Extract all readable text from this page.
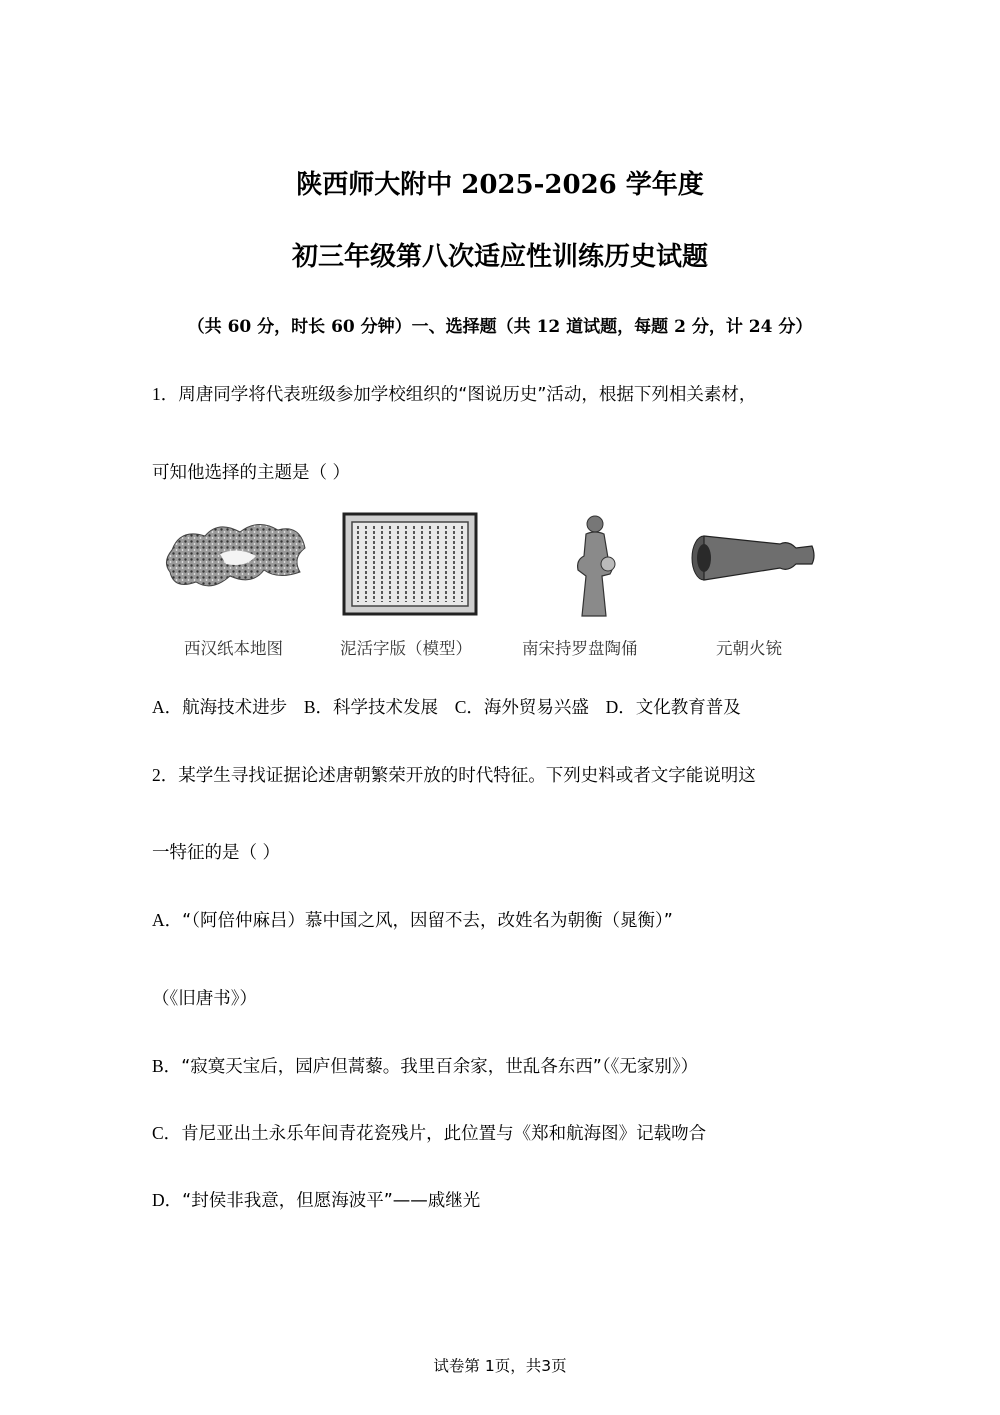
陕西师大附中 2025-2026 学年度
初三年级第八次适应性训练历史试题
（共 60 分，时长 60 分钟）一、选择题（共 12 道试题，每题 2 分，计 24 分）
1．周唐同学将代表班级参加学校组织的“图说历史”活动，根据下列相关素材，
可知他选择的主题是（ ）
西汉纸本地图	泥活字版（模型）	南宋持罗盘陶俑	元朝火铳
A．航海技术进步 B．科学技术发展 C．海外贸易兴盛 D．文化教育普及
2．某学生寻找证据论述唐朝繁荣开放的时代特征。下列史料或者文字能说明这
一特征的是（ ）
A．“（阿倍仲麻吕）慕中国之风，因留不去，改姓名为朝衡（晁衡）”
（《旧唐书》）
B．“寂寞天宝后，园庐但蒿藜。我里百余家，世乱各东西”（《无家别》）
C．肯尼亚出土永乐年间青花瓷残片，此位置与《郑和航海图》记载吻合
D．“封侯非我意，但愿海波平”——戚继光
试卷第 1页，共3页
